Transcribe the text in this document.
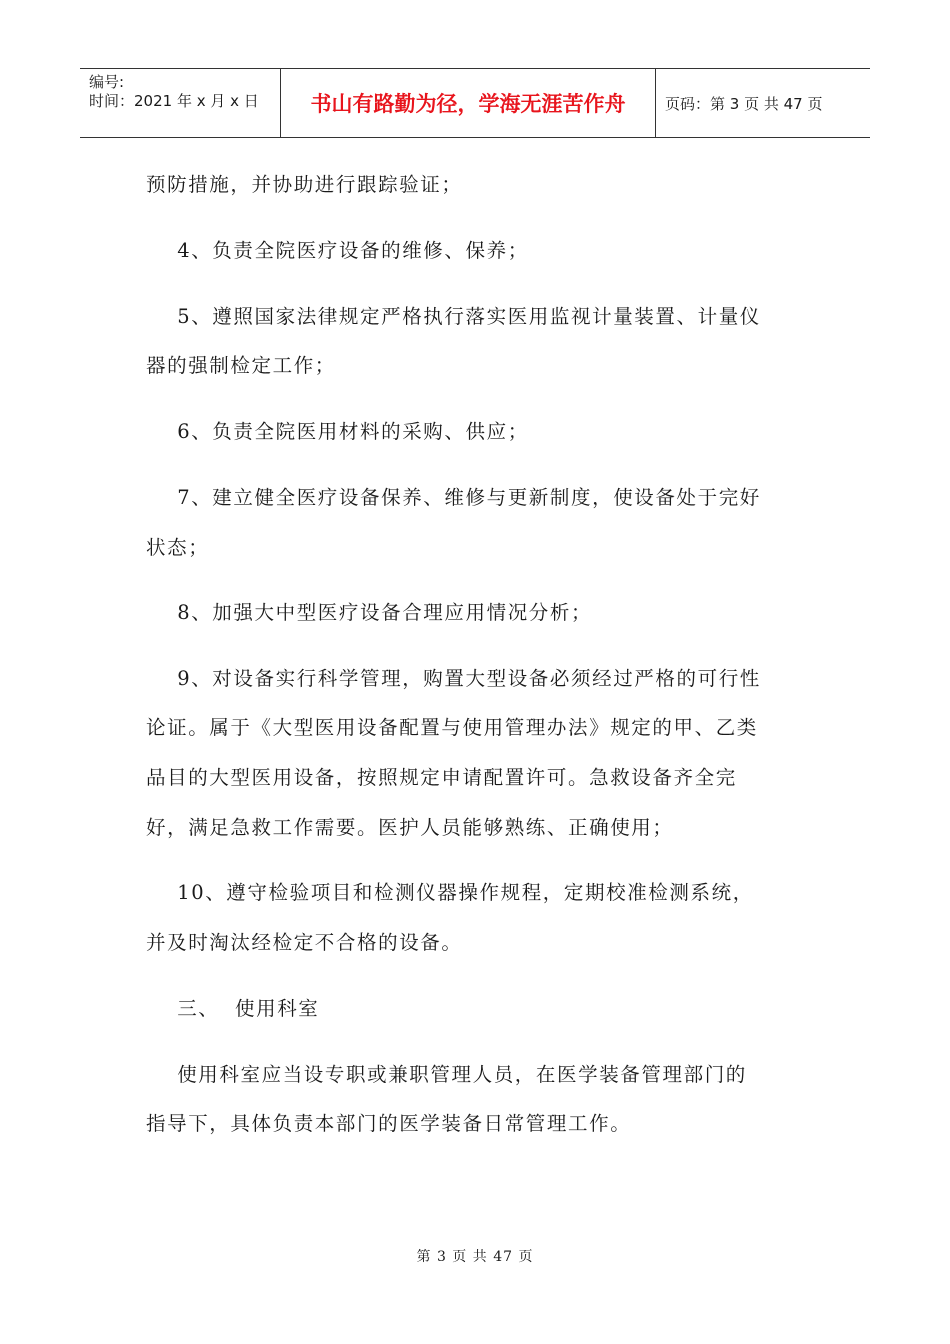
编号:
时间：2021 年 x 月 x 日	书山有路勤为径，学海无涯苦作舟	页码：第 3 页 共 47 页
预防措施，并协助进行跟踪验证；
4、负责全院医疗设备的维修、保养；
5、遵照国家法律规定严格执行落实医用监视计量装置、计量仪
器的强制检定工作；
6、负责全院医用材料的采购、供应；
7、建立健全医疗设备保养、维修与更新制度，使设备处于完好
状态；
8、加强大中型医疗设备合理应用情况分析；
9、对设备实行科学管理，购置大型设备必须经过严格的可行性
论证。属于《大型医用设备配置与使用管理办法》规定的甲、乙类
品目的大型医用设备，按照规定申请配置许可。急救设备齐全完
好，满足急救工作需要。医护人员能够熟练、正确使用；
10、遵守检验项目和检测仪器操作规程，定期校准检测系统，
并及时淘汰经检定不合格的设备。
三、  使用科室
使用科室应当设专职或兼职管理人员，在医学装备管理部门的
指导下，具体负责本部门的医学装备日常管理工作。
第 3 页 共 47 页
